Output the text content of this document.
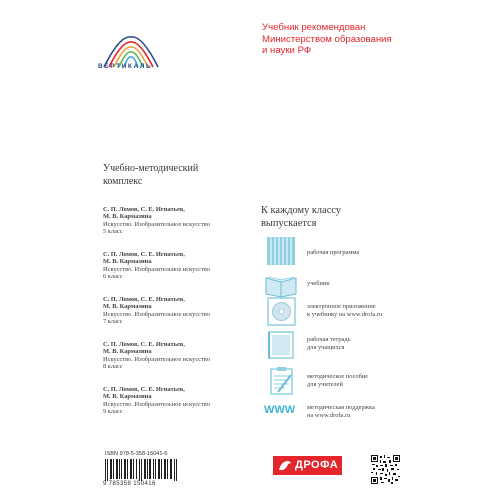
ВЕРТИКАЛЬ
Учебник рекомендован
Министерством образования
и науки РФ
Учебно-методический
комплекс
С. П. Ломов, С. Е. Игнатьев,
М. В. Кармазина
Искусство. Изобразительное искусство
5 класс
С. П. Ломов, С. Е. Игнатьев,
М. В. Кармазина
Искусство. Изобразительное искусство
6 класс
С. П. Ломов, С. Е. Игнатьев,
М. В. Кармазина
Искусство. Изобразительное искусство
7 класс
С. П. Ломов, С. Е. Игнатьев,
М. В. Кармазина
Искусство. Изобразительное искусство
8 класс
С. П. Ломов, С. Е. Игнатьев,
М. В. Кармазина
Искусство. Изобразительное искусство
9 класс
К каждому классу
выпускается
рабочая программа
учебник
электронное приложение
к учебнику на www.drofa.ru
рабочая тетрадь
для учащихся
методическое пособие
для учителей
WWW	методическая поддержка
на www.drofa.ru
ISBN 978-5-358-15041-6
9 785358 150416
ДРОФА
